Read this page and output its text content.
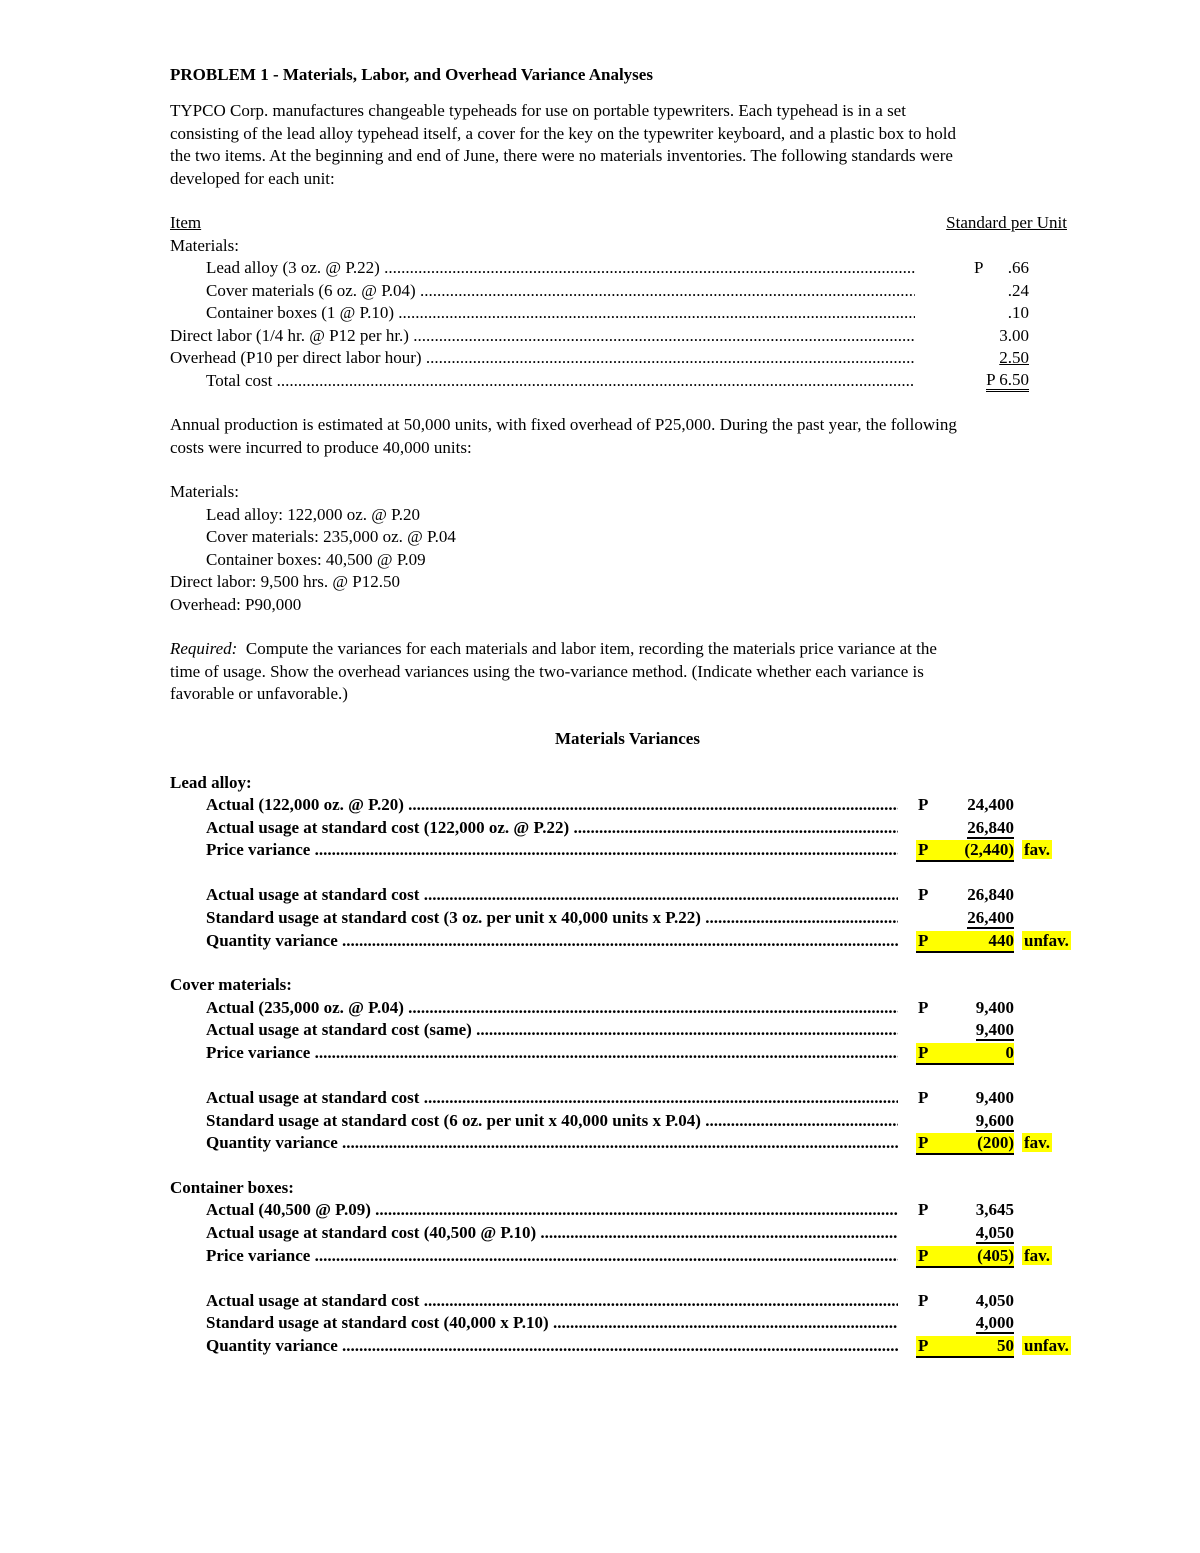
PROBLEM 1 - Materials, Labor, and Overhead Variance Analyses

TYPCO Corp. manufactures changeable typeheads for use on portable typewriters. Each typehead is in a set

consisting of the lead alloy typehead itself, a cover for the key on the typewriter keyboard, and a plastic box to hold

the two items. At the beginning and end of June, there were no materials inventories. The following standards were

developed for each unit:

Item	Standard per Unit
Materials:
Lead alloy (3 oz. @ P.22) .....	P .66
Cover materials (6 oz. @ P.04) .....	.24
Container boxes (1 @ P.10) .....	.10
Direct labor (1/4 hr. @ P12 per hr.) .....	3.00
Overhead (P10 per direct labor hour) .....	2.50
Total cost .....	P 6.50

Annual production is estimated at 50,000 units, with fixed overhead of P25,000. During the past year, the following

costs were incurred to produce 40,000 units:

Materials:

Lead alloy: 122,000 oz. @ P.20

Cover materials: 235,000 oz. @ P.04

Container boxes: 40,500 @ P.09

Direct labor: 9,500 hrs. @ P12.50

Overhead: P90,000

Required:  Compute the variances for each materials and labor item, recording the materials price variance at the

time of usage. Show the overhead variances using the two-variance method. (Indicate whether each variance is

favorable or unfavorable.)

Materials Variances
Lead alloy:
Actual (122,000 oz. @ P.20) .....	P	24,400
Actual usage at standard cost (122,000 oz. @ P.22) .....	26,840
Price variance .....	P	(2,440) fav.
Actual usage at standard cost .....	P	26,840
Standard usage at standard cost (3 oz. per unit x 40,000 units x P.22) .....	26,400
Quantity variance .....	P	440 unfav.
Cover materials:
Actual (235,000 oz. @ P.04) .....	P	9,400
Actual usage at standard cost (same) .....	9,400
Price variance .....	P	0
Actual usage at standard cost .....	P	9,400
Standard usage at standard cost (6 oz. per unit x 40,000 units x P.04) .....	9,600
Quantity variance .....	P	(200) fav.
Container boxes:
Actual (40,500 @ P.09) .....	P	3,645
Actual usage at standard cost (40,500 @ P.10) .....	4,050
Price variance .....	P	(405) fav.
Actual usage at standard cost .....	P	4,050
Standard usage at standard cost (40,000 x P.10) .....	4,000
Quantity variance .....	P	50 unfav.
